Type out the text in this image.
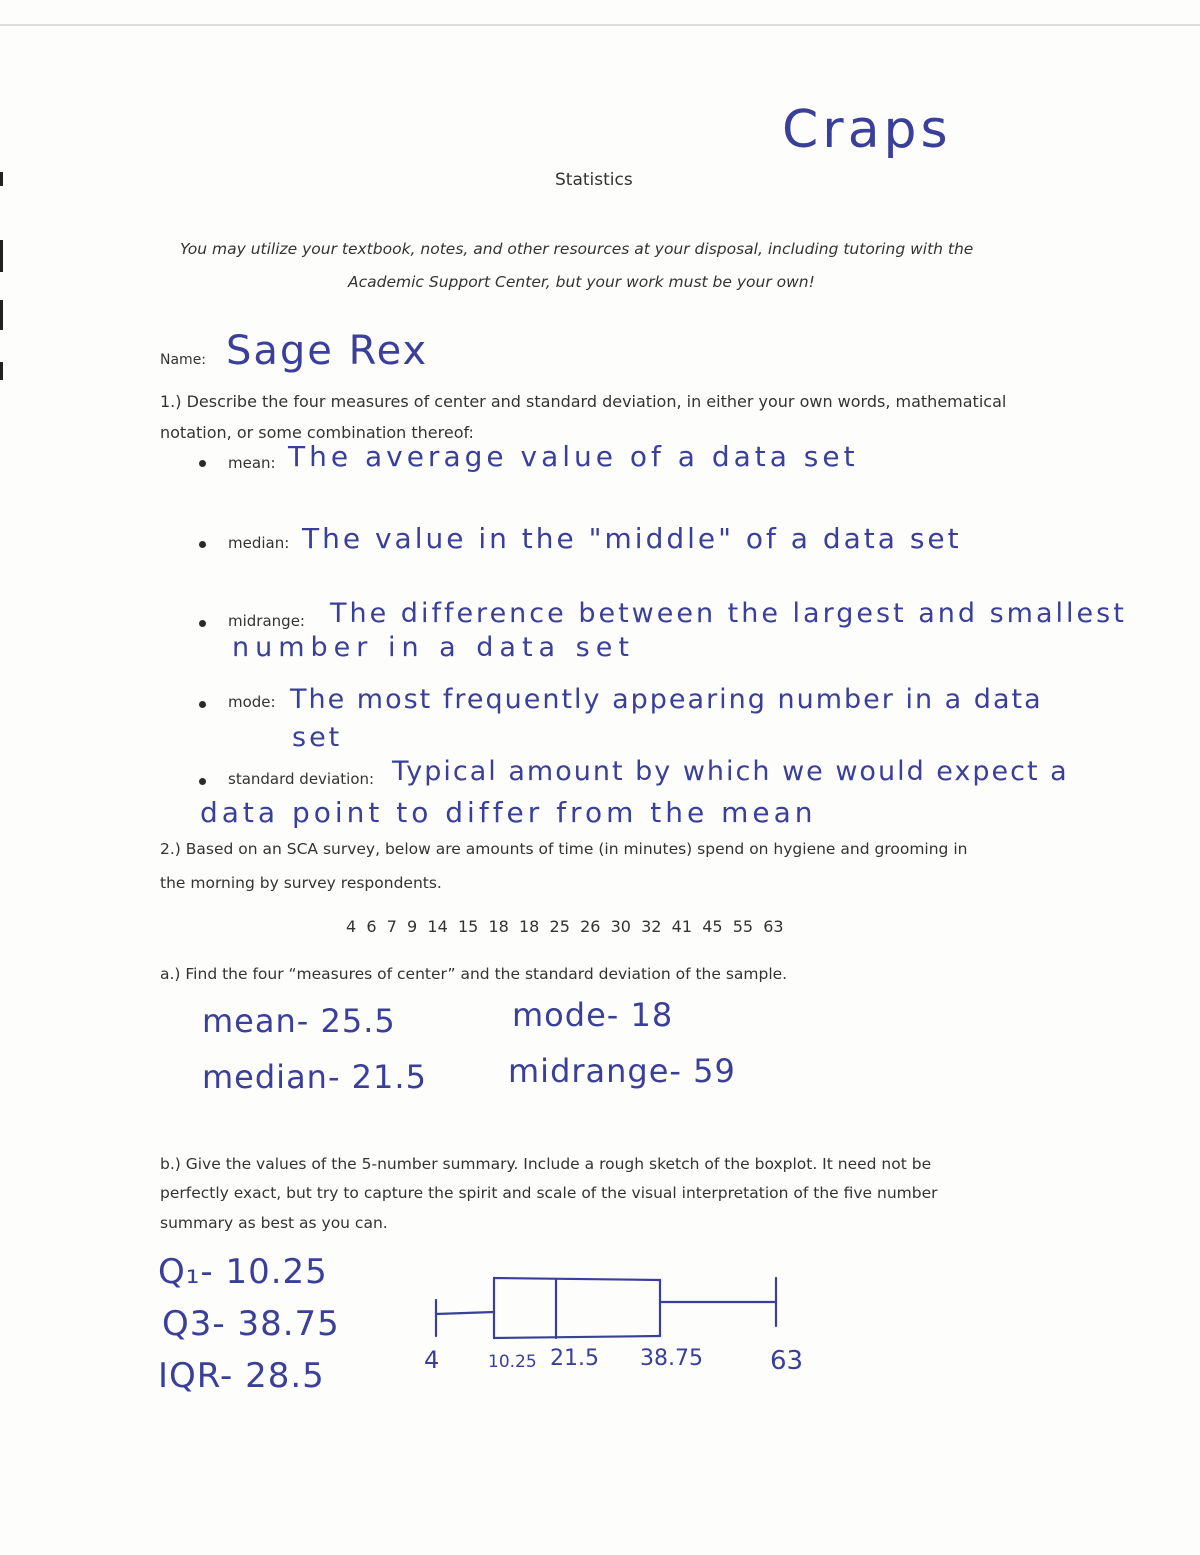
Craps
Statistics
You may utilize your textbook, notes, and other resources at your disposal, including tutoring with the
Academic Support Center, but your work must be your own!
Name: Sage Rex
1.) Describe the four measures of center and standard deviation, in either your own words, mathematical
notation, or some combination thereof:
mean: The average value of a data set
median: The value in the "middle" of a data set
midrange: The difference between the largest and smallest
number in a data set
mode: The most frequently appearing number in a data
set
standard deviation: Typical amount by which we would expect a
data point to differ from the mean
2.) Based on an SCA survey, below are amounts of time (in minutes) spend on hygiene and grooming in
the morning by survey respondents.
4  6  7  9  14  15  18  18  25  26  30  32  41  45  55  63
a.) Find the four “measures of center” and the standard deviation of the sample.
mean- 25.5	mode- 18
median- 21.5	midrange- 59
b.) Give the values of the 5-number summary. Include a rough sketch of the boxplot. It need not be
perfectly exact, but try to capture the spirit and scale of the visual interpretation of the five number
summary as best as you can.
Q₁- 10.25
Q3- 38.75
IQR- 28.5	4	10.25 21.5 38.75	63
